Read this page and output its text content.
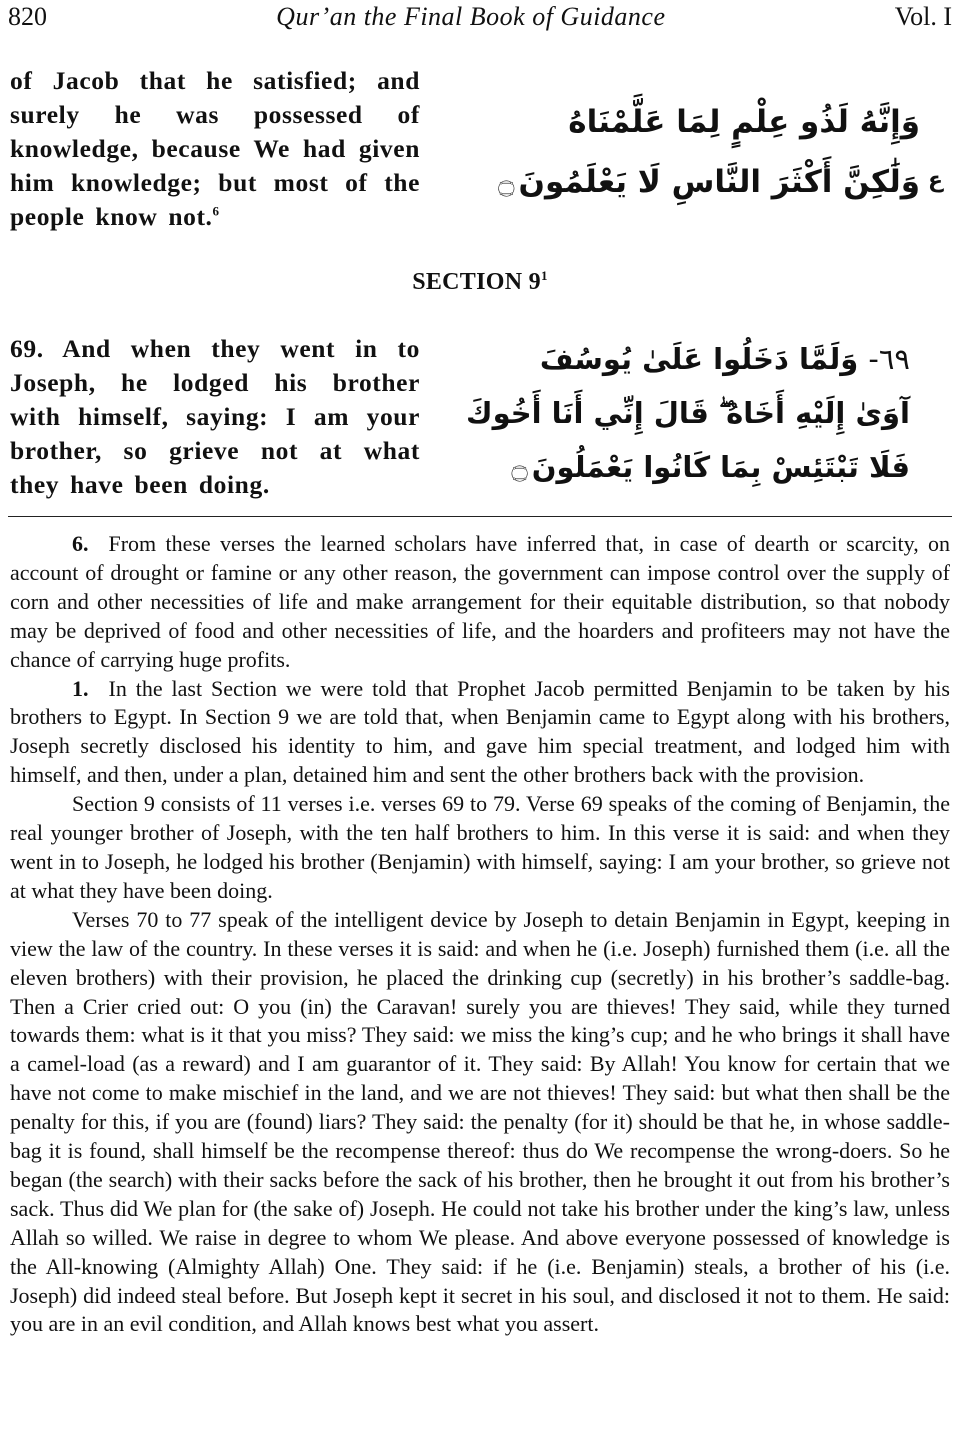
820	Qur’an the Final Book of Guidance	Vol. I
of Jacob that he satisfied; and surely he was possessed of knowledge, because We had given him knowledge; but most of the people know not.$^6$
وَإِنَّهُ لَذُو عِلْمٍ لِمَا عَلَّمْنَاهُ
وَلَٰكِنَّ أَكْثَرَ النَّاسِ لَا يَعْلَمُونَ۝	ع
SECTION $9^1$
69. And when they went in to Joseph, he lodged his brother with himself, saying: I am your brother, so grieve not at what they have been doing.
٦٩- وَلَمَّا دَخَلُوا عَلَىٰ يُوسُفَ
آوَىٰ إِلَيْهِ أَخَاهُ ۖ قَالَ إِنِّي أَنَا أَخُوكَ
فَلَا تَبْتَئِسْ بِمَا كَانُوا يَعْمَلُونَ۝

6. From these verses the learned scholars have inferred that, in case of dearth or scarcity, on account of drought or famine or any other reason, the government can impose control over the supply of corn and other necessities of life and make arrangement for their equitable distribution, so that nobody may be deprived of food and other necessities of life, and the hoarders and profiteers may not have the chance of carrying huge profits.

1. In the last Section we were told that Prophet Jacob permitted Benjamin to be taken by his brothers to Egypt. In Section 9 we are told that, when Benjamin came to Egypt along with his brothers, Joseph secretly disclosed his identity to him, and gave him special treatment, and lodged him with himself, and then, under a plan, detained him and sent the other brothers back with the provision.

Section 9 consists of 11 verses i.e. verses 69 to 79. Verse 69 speaks of the coming of Benjamin, the real younger brother of Joseph, with the ten half brothers to him. In this verse it is said: and when they went in to Joseph, he lodged his brother (Benjamin) with himself, saying: I am your brother, so grieve not at what they have been doing.

Verses 70 to 77 speak of the intelligent device by Joseph to detain Benjamin in Egypt, keeping in view the law of the country. In these verses it is said: and when he (i.e. Joseph) furnished them (i.e. all the eleven brothers) with their provision, he placed the drinking cup (secretly) in his brother’s saddle-bag. Then a Crier cried out: O you (in) the Caravan! surely you are thieves! They said, while they turned towards them: what is it that you miss? They said: we miss the king’s cup; and he who brings it shall have a camel-load (as a reward) and I am guarantor of it. They said: By Allah! You know for certain that we have not come to make mischief in the land, and we are not thieves! They said: but what then shall be the penalty for this, if you are (found) liars? They said: the penalty (for it) should be that he, in whose saddle-bag it is found, shall himself be the recompense thereof: thus do We recompense the wrong-doers. So he began (the search) with their sacks before the sack of his brother, then he brought it out from his brother’s sack. Thus did We plan for (the sake of) Joseph. He could not take his brother under the king’s law, unless Allah so willed. We raise in degree to whom We please. And above everyone possessed of knowledge is the All-knowing (Almighty Allah) One. They said: if he (i.e. Benjamin) steals, a brother of his (i.e. Joseph) did indeed steal before. But Joseph kept it secret in his soul, and disclosed it not to them. He said: you are in an evil condition, and Allah knows best what you assert.
